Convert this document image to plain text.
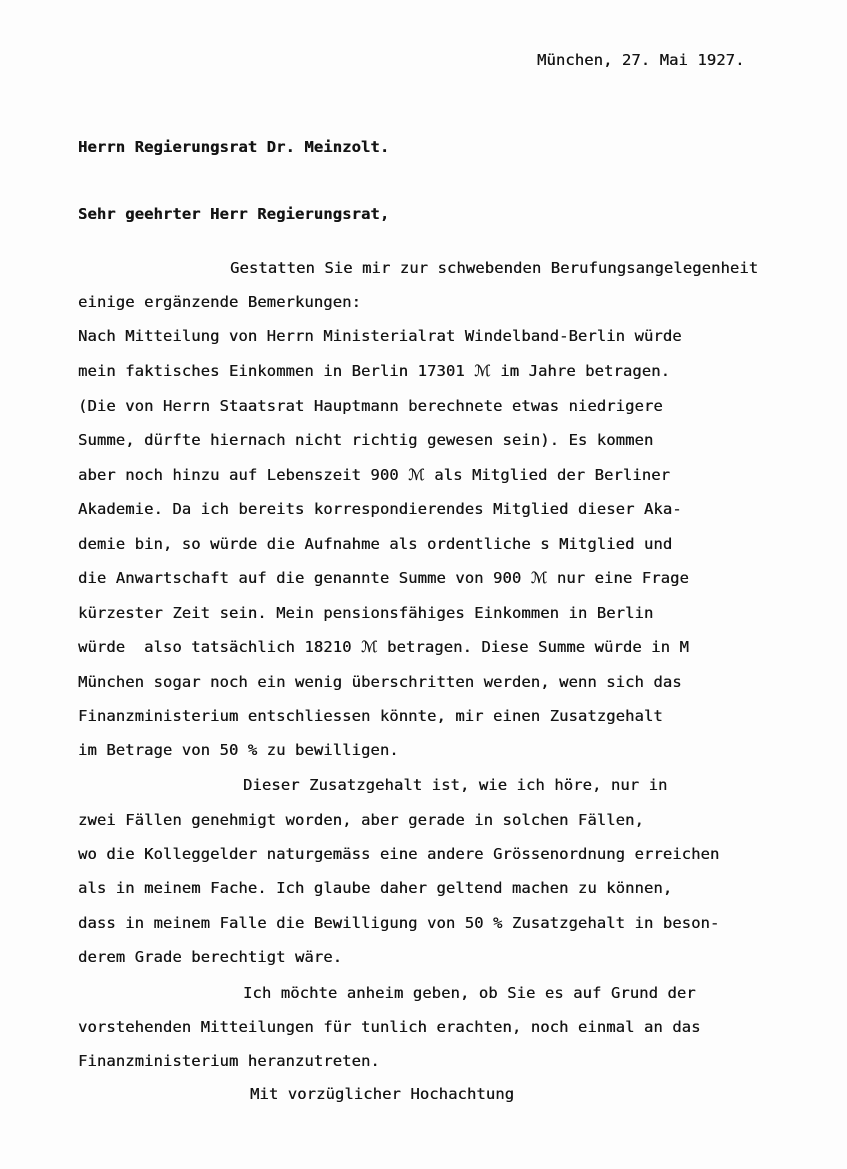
München, 27. Mai 1927.
Herrn Regierungsrat Dr. Meinzolt.
Sehr geehrter Herr Regierungsrat,
Gestatten Sie mir zur schwebenden Berufungsangelegenheit
einige ergänzende Bemerkungen:
Nach Mitteilung von Herrn Ministerialrat Windelband-Berlin würde
mein faktisches Einkommen in Berlin 17301 ℳ im Jahre betragen.
(Die von Herrn Staatsrat Hauptmann berechnete etwas niedrigere
Summe, dürfte hiernach nicht richtig gewesen sein). Es kommen
aber noch hinzu auf Lebenszeit 900 ℳ als Mitglied der Berliner
Akademie. Da ich bereits korrespondierendes Mitglied dieser Aka-
demie bin, so würde die Aufnahme als ordentliche s Mitglied und
die Anwartschaft auf die genannte Summe von 900 ℳ nur eine Frage
kürzester Zeit sein. Mein pensionsfähiges Einkommen in Berlin
würde  also tatsächlich 18210 ℳ betragen. Diese Summe würde in M
München sogar noch ein wenig überschritten werden, wenn sich das
Finanzministerium entschliessen könnte, mir einen Zusatzgehalt
im Betrage von 50 % zu bewilligen.
Dieser Zusatzgehalt ist, wie ich höre, nur in
zwei Fällen genehmigt worden, aber gerade in solchen Fällen,
wo die Kolleggelder naturgemäss eine andere Grössenordnung erreichen
als in meinem Fache. Ich glaube daher geltend machen zu können,
dass in meinem Falle die Bewilligung von 50 % Zusatzgehalt in beson-
derem Grade berechtigt wäre.
Ich möchte anheim geben, ob Sie es auf Grund der
vorstehenden Mitteilungen für tunlich erachten, noch einmal an das
Finanzministerium heranzutreten.
Mit vorzüglicher Hochachtung
